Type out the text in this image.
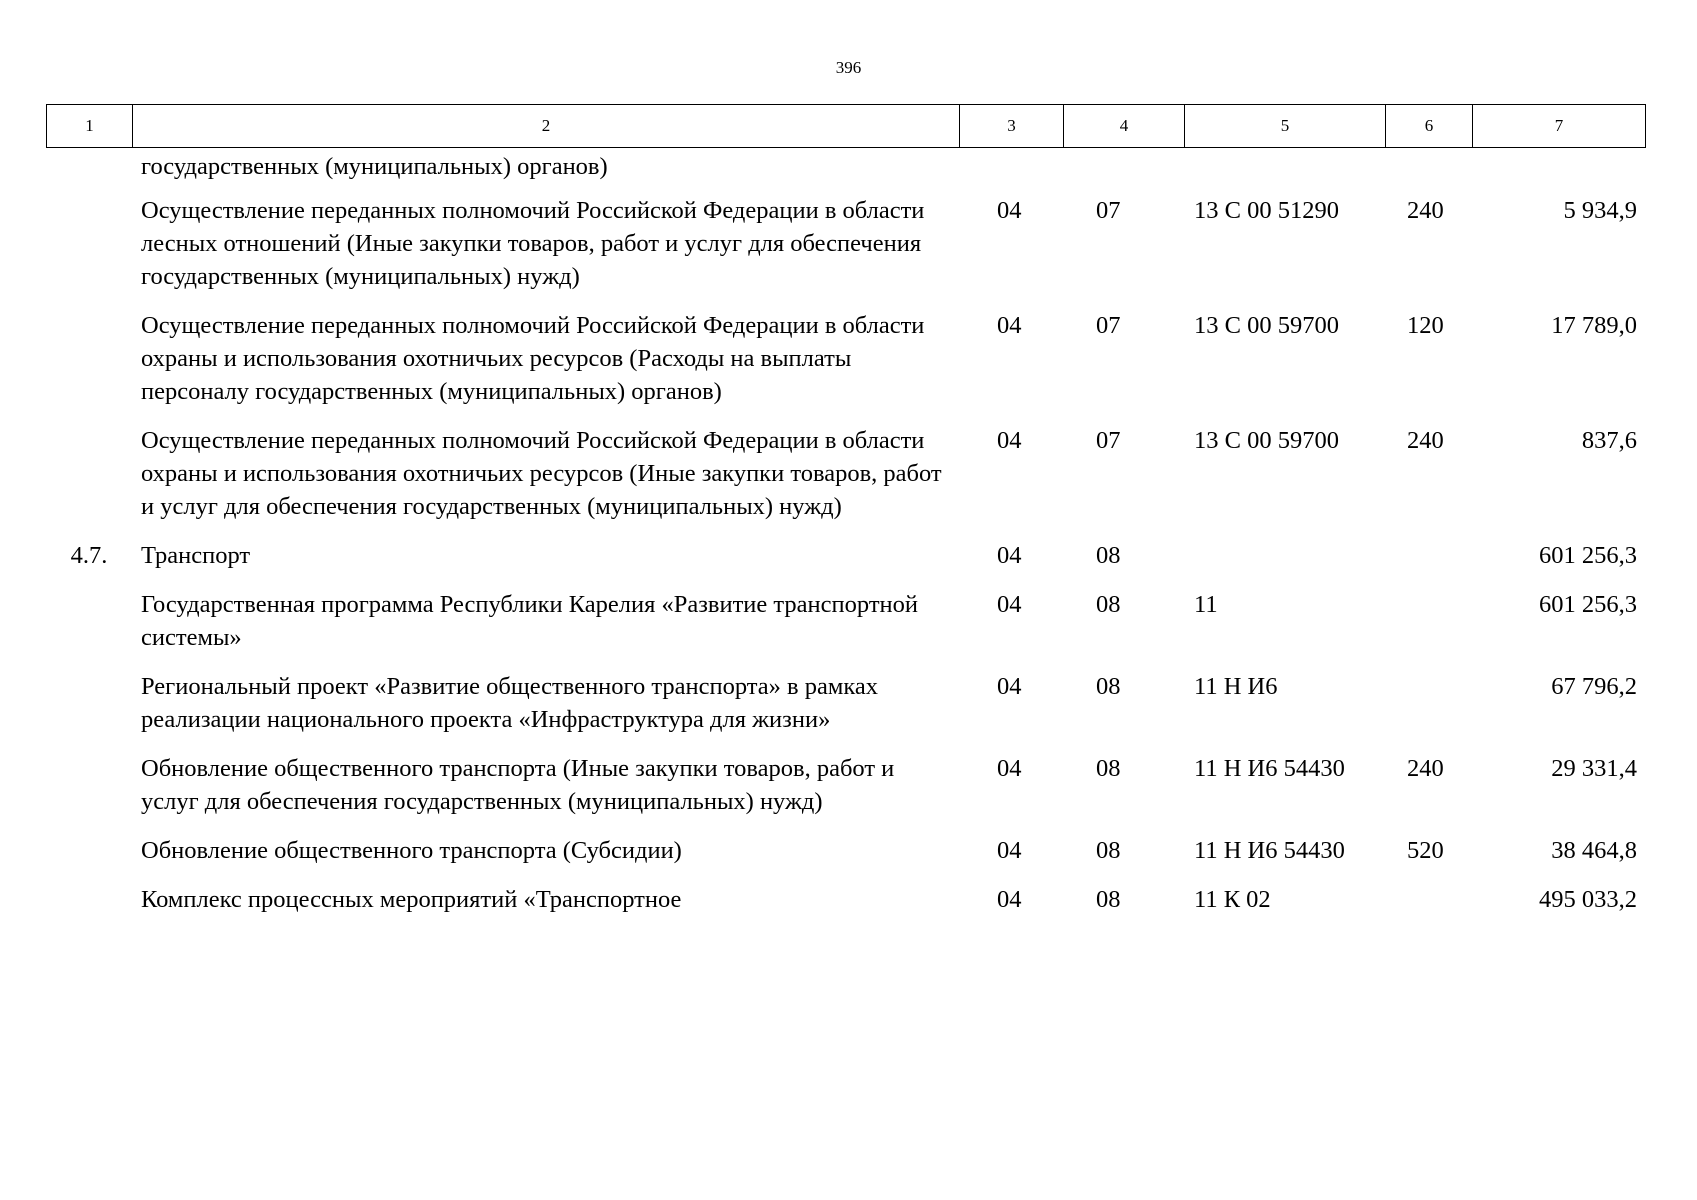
396
1	2	3	4	5	6	7
	государственных (муниципальных) органов)					
	Осуществление переданных полномочий Российской Федерации в области лесных отношений (Иные закупки товаров, работ и услуг для обеспечения государственных (муниципальных) нужд)	04	07	13 С 00 51290	240	5 934,9
	Осуществление переданных полномочий Российской Федерации в области охраны и использования охотничьих ресурсов (Расходы на выплаты персоналу государственных (муниципальных) органов)	04	07	13 С 00 59700	120	17 789,0
	Осуществление переданных полномочий Российской Федерации в области охраны и использования охотничьих ресурсов (Иные закупки товаров, работ и услуг для обеспечения государственных (муниципальных) нужд)	04	07	13 С 00 59700	240	837,6
4.7.	Транспорт	04	08			601 256,3
	Государственная программа Республики Карелия «Развитие транспортной системы»	04	08	11		601 256,3
	Региональный проект «Развитие общественного транспорта» в рамках реализации национального проекта «Инфраструктура для жизни»	04	08	11 Н И6		67 796,2
	Обновление общественного транспорта (Иные закупки товаров, работ и услуг для обеспечения государственных (муниципальных) нужд)	04	08	11 Н И6 54430	240	29 331,4
	Обновление общественного транспорта (Субсидии)	04	08	11 Н И6 54430	520	38 464,8
	Комплекс процессных мероприятий «Транспортное	04	08	11 К 02		495 033,2
